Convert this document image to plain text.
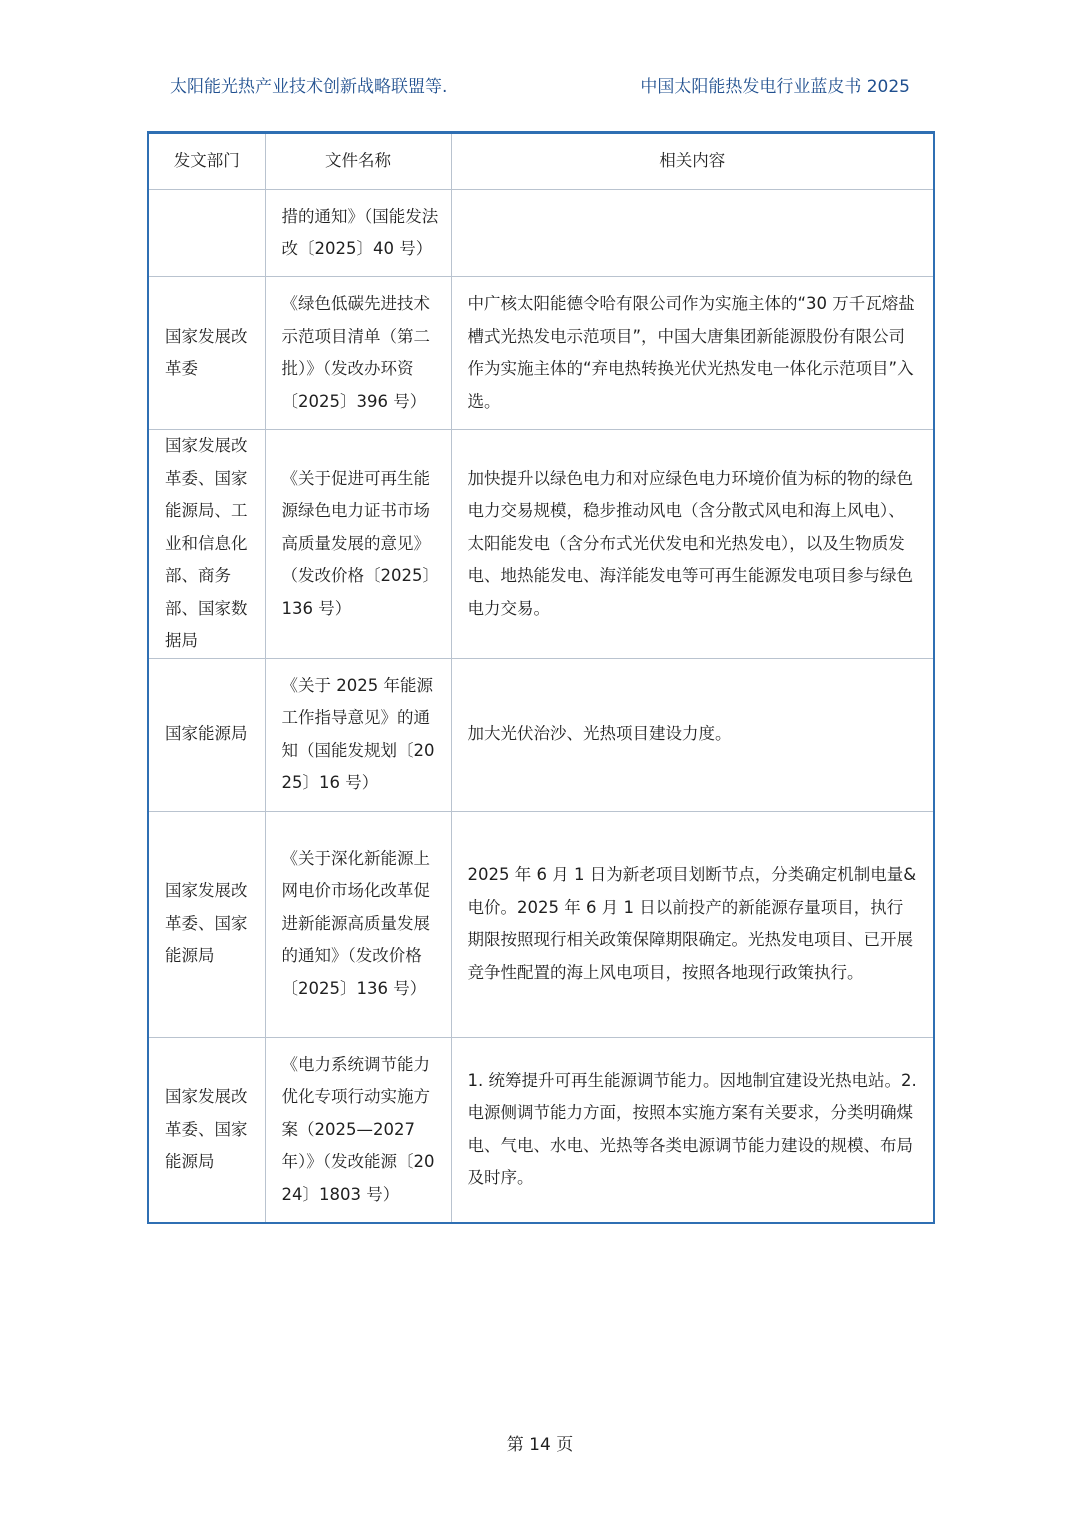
太阳能光热产业技术创新战略联盟等.	中国太阳能热发电行业蓝皮书 2025
发文部门	文件名称	相关内容
	措的通知》（国能发法改〔2025〕40 号）	
国家发展改革委	《绿色低碳先进技术示范项目清单（第二批）》（发改办环资〔2025〕396 号）	中广核太阳能德令哈有限公司作为实施主体的“30 万千瓦熔盐槽式光热发电示范项目”，中国大唐集团新能源股份有限公司作为实施主体的“弃电热转换光伏光热发电一体化示范项目”入选。
国家发展改革委、国家能源局、工业和信息化部、商务部、国家数据局	《关于促进可再生能源绿色电力证书市场高质量发展的意见》（发改价格〔2025〕136 号）	加快提升以绿色电力和对应绿色电力环境价值为标的物的绿色电力交易规模，稳步推动风电（含分散式风电和海上风电）、太阳能发电（含分布式光伏发电和光热发电），以及生物质发电、地热能发电、海洋能发电等可再生能源发电项目参与绿色电力交易。
国家能源局	《关于 2025 年能源工作指导意见》的通知（国能发规划〔2025〕16 号）	加大光伏治沙、光热项目建设力度。
国家发展改革委、国家能源局	《关于深化新能源上网电价市场化改革促进新能源高质量发展的通知》（发改价格〔2025〕136 号）	2025 年 6 月 1 日为新老项目划断节点，分类确定机制电量&电价。2025 年 6 月 1 日以前投产的新能源存量项目，执行期限按照现行相关政策保障期限确定。光热发电项目、已开展竞争性配置的海上风电项目，按照各地现行政策执行。
国家发展改革委、国家能源局	《电力系统调节能力优化专项行动实施方案（2025—2027 年）》（发改能源〔2024〕1803 号）	1. 统筹提升可再生能源调节能力。因地制宜建设光热电站。2. 电源侧调节能力方面，按照本实施方案有关要求，分类明确煤电、气电、水电、光热等各类电源调节能力建设的规模、布局及时序。
第 14 页
